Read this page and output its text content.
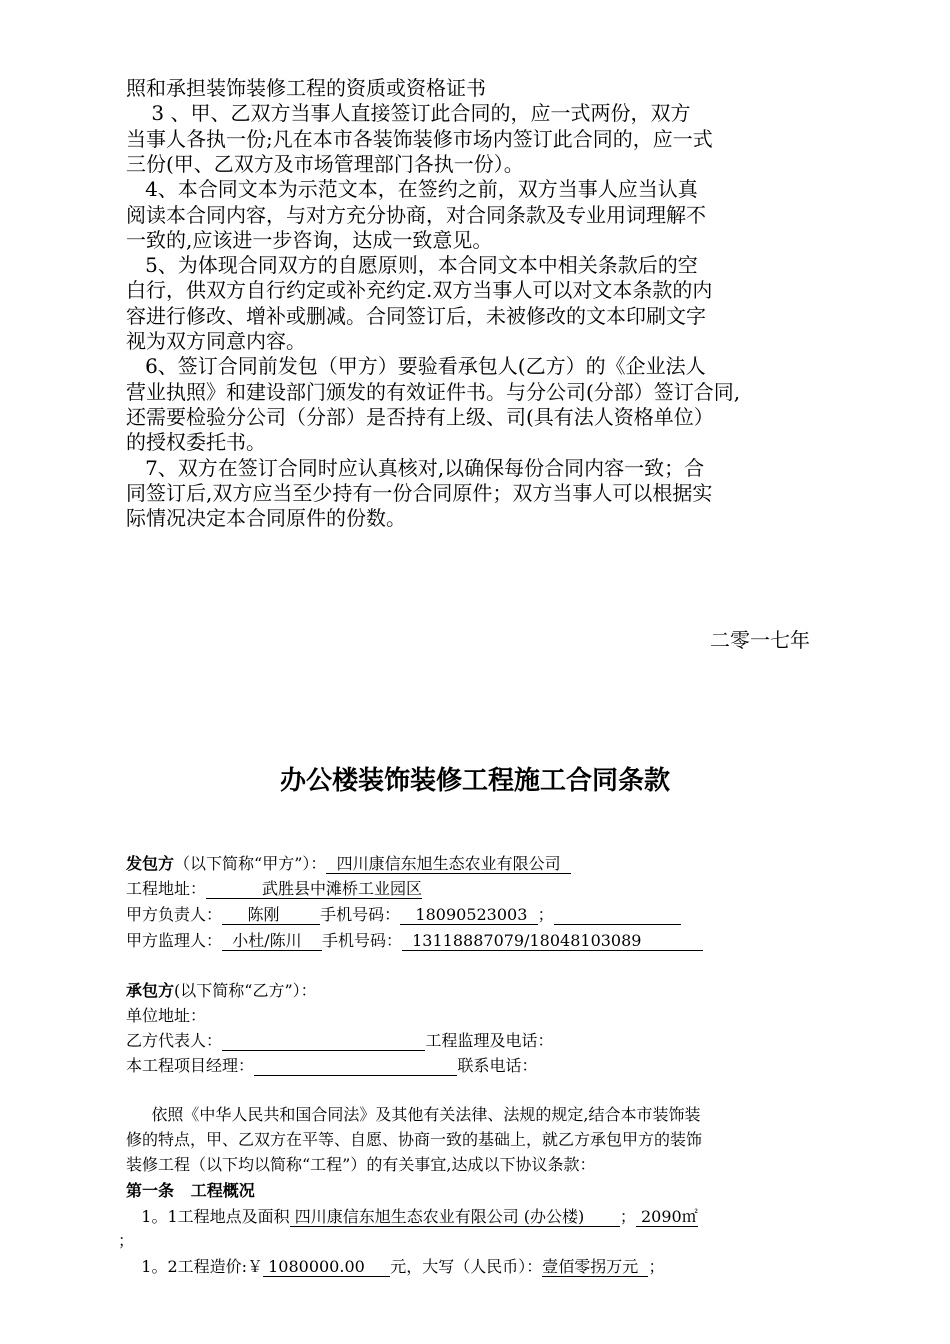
照和承担装饰装修工程的资质或资格证书
3 、甲、乙双方当事人直接签订此合同的，应一式两份，双方
当事人各执一份;凡在本市各装饰装修市场内签订此合同的，应一式
三份(甲、乙双方及市场管理部门各执一份）。
4、本合同文本为示范文本，在签约之前，双方当事人应当认真
阅读本合同内容，与对方充分协商，对合同条款及专业用词理解不
一致的,应该进一步咨询，达成一致意见。
5、为体现合同双方的自愿原则，本合同文本中相关条款后的空
白行，供双方自行约定或补充约定.双方当事人可以对文本条款的内
容进行修改、增补或删减。合同签订后，未被修改的文本印刷文字
视为双方同意内容。
6、签订合同前发包（甲方）要验看承包人(乙方）的《企业法人
营业执照》和建设部门颁发的有效证件书。与分公司(分部）签订合同,
还需要检验分公司（分部）是否持有上级、司(具有法人资格单位）
的授权委托书。
7、双方在签订合同时应认真核对,以确保每份合同内容一致；合
同签订后,双方应当至少持有一份合同原件；双方当事人可以根据实
际情况决定本合同原件的份数。
二零一七年
办公楼装饰装修工程施工合同条款
发包方（以下简称“甲方”）：  四川康信东旭生态农业有限公司
工程地址：           武胜县中滩桥工业园区
甲方负责人：     陈刚        手机号码：   18090523003  ；
甲方监理人：  小杜/陈川    手机号码：  13118887079/18048103089
承包方(以下简称“乙方”）：
单位地址：
乙方代表人：	工程监理及电话：
本工程项目经理：	联系电话：
依照《中华人民共和国合同法》及其他有关法律、法规的规定,结合本市装饰装
修的特点，甲、乙双方在平等、自愿、协商一致的基础上，就乙方承包甲方的装饰
装修工程（以下均以简称“工程”）的有关事宜,达成以下协议条款：
第一条   工程概况
1。1工程地点及面积 四川康信东旭生态农业有限公司 (办公楼)       ； 2090㎡
；
1。2工程造价:￥ 1080000.00     元，大写（人民币）：壹佰零拐万元  ；
